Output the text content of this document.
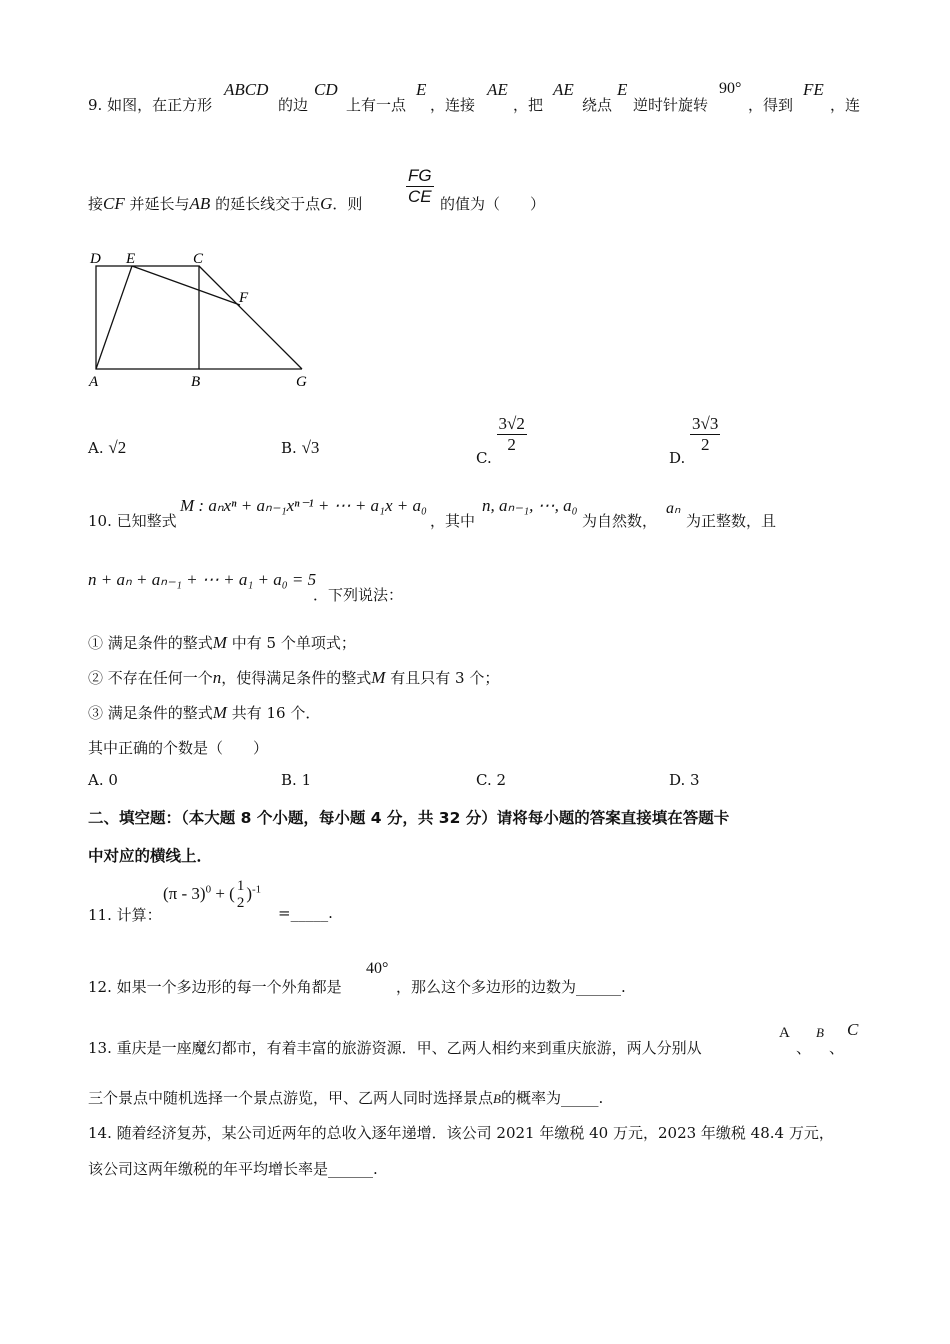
9. 如图，在正方形
ABCD
的边
CD
上有一点
E
，连接
AE
，把
AE
绕点
E
逆时针旋转
90°
，得到
FE
，连
接CF 并延长与AB 的延长线交于点G．则	$\frac{FG}{CE}$ 的值为（　　）
D E	C
F
A	B	G
A. √2	B. √3
C.
$\frac{3√2}{2}$
D.
$\frac{3√3}{2}$
10. 已知整式
M : aₙxⁿ + aₙ₋₁xⁿ⁻¹ + ⋯ + a₁x + a₀
，其中
n, aₙ₋₁, ⋯, a₀
为自然数，
aₙ
为正整数，且
n + aₙ + aₙ₋₁ + ⋯ + a₁ + a₀ = 5
．下列说法：
① 满足条件的整式M 中有 5 个单项式；
② 不存在任何一个n，使得满足条件的整式M 有且只有 3 个；
③ 满足条件的整式M 共有 16 个．
其中正确的个数是（　　）
A. 0	B. 1	C. 2	D. 3
二、填空题：（本大题 8 个小题，每小题 4 分，共 32 分）请将每小题的答案直接填在答题卡
中对应的横线上．
11. 计算：
(π - 3)$^0$ + ( 1
2
)$^{-1}$
=_____.
12. 如果一个多边形的每一个外角都是
40°
，那么这个多边形的边数为______.
13. 重庆是一座魔幻都市，有着丰富的旅游资源．甲、乙两人相约来到重庆旅游，两人分别从
A
、
B
、
C
三个景点中随机选择一个景点游览，甲、乙两人同时选择景点B的概率为_____.
14. 随着经济复苏，某公司近两年的总收入逐年递增．该公司 2021 年缴税 40 万元，2023 年缴税 48.4 万元，
该公司这两年缴税的年平均增长率是______.
